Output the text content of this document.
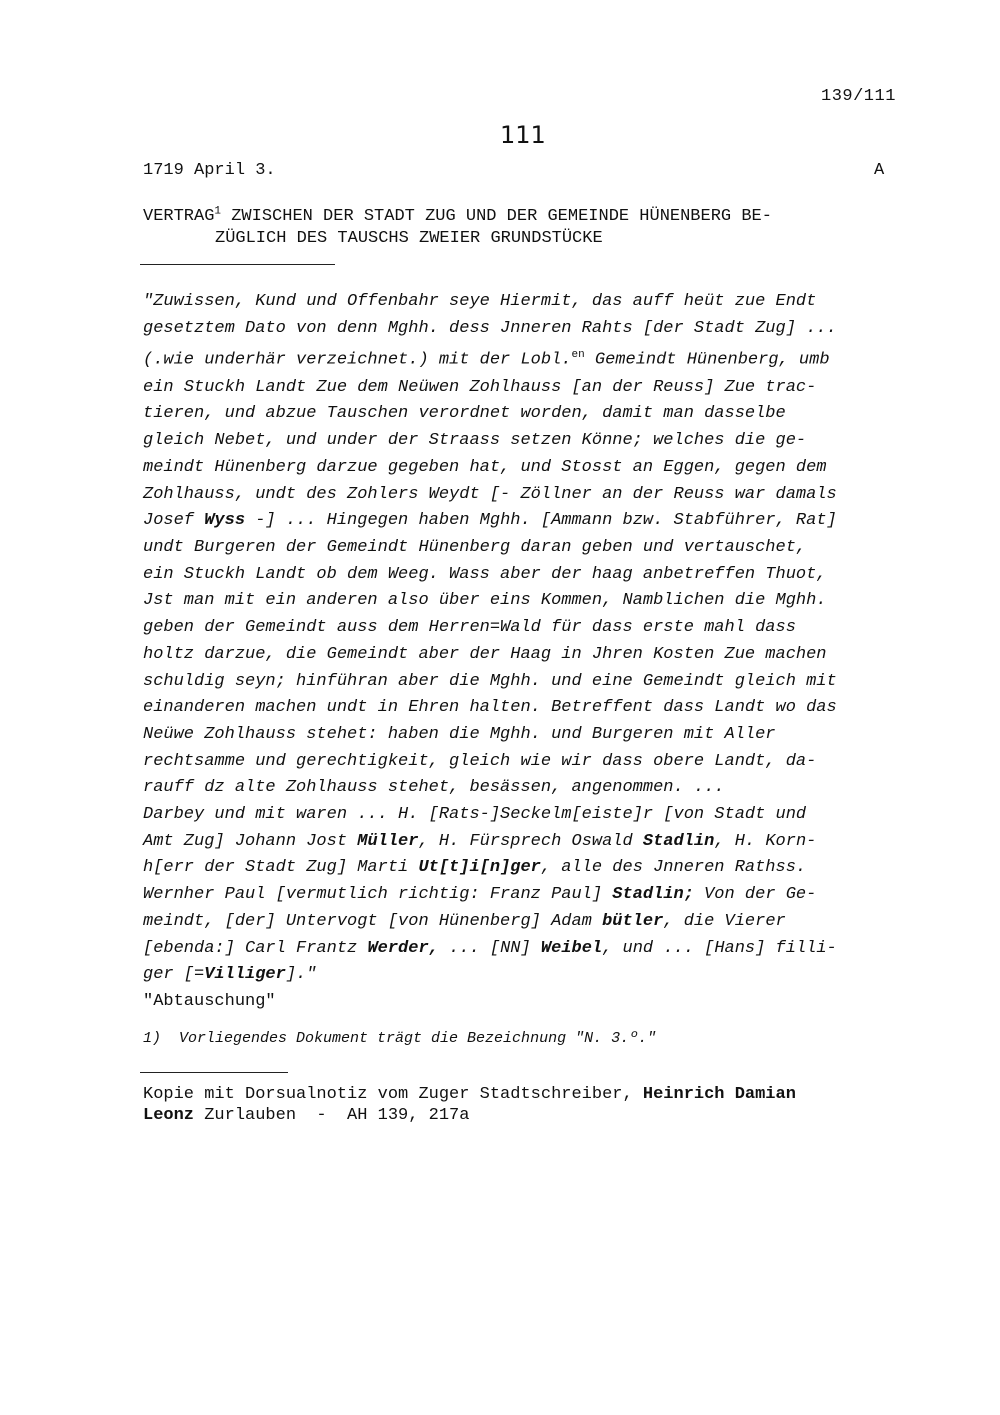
139/111
111
1719 April 3.	A
VERTRAG$^1$ ZWISCHEN DER STADT ZUG UND DER GEMEINDE HÜNENBERG BE-
ZÜGLICH DES TAUSCHS ZWEIER GRUNDSTÜCKE
"Zuwissen, Kund und Offenbahr seye Hiermit, das auff heüt zue Endt
gesetztem Dato von denn Mghh. dess Jnneren Rahts [der Stadt Zug] ...
(.wie underhär verzeichnet.) mit der Lobl.$^{en}$ Gemeindt Hünenberg, umb
ein Stuckh Landt Zue dem Neüwen Zohlhauss [an der Reuss] Zue trac-
tieren, und abzue Tauschen verordnet worden, damit man dasselbe
gleich Nebet, und under der Straass setzen Könne; welches die ge-
meindt Hünenberg darzue gegeben hat, und Stosst an Eggen, gegen dem
Zohlhauss, undt des Zohlers Weydt [- Zöllner an der Reuss war damals
Josef Wyss -] ... Hingegen haben Mghh. [Ammann bzw. Stabführer, Rat]
undt Burgeren der Gemeindt Hünenberg daran geben und vertauschet,
ein Stuckh Landt ob dem Weeg. Wass aber der haag anbetreffen Thuot,
Jst man mit ein anderen also über eins Kommen, Namblichen die Mghh.
geben der Gemeindt auss dem Herren=Wald für dass erste mahl dass
holtz darzue, die Gemeindt aber der Haag in Jhren Kosten Zue machen
schuldig seyn; hinführan aber die Mghh. und eine Gemeindt gleich mit
einanderen machen undt in Ehren halten. Betreffent dass Landt wo das
Neüwe Zohlhauss stehet: haben die Mghh. und Burgeren mit Aller
rechtsamme und gerechtigkeit, gleich wie wir dass obere Landt, da-
rauff dz alte Zohlhauss stehet, besässen, angenommen. ...
Darbey und mit waren ... H. [Rats-]Seckelm[eiste]r [von Stadt und
Amt Zug] Johann Jost Müller, H. Fürsprech Oswald Stadlin, H. Korn-
h[err der Stadt Zug] Marti Ut[t]i[n]ger, alle des Jnneren Rathss.
Wernher Paul [vermutlich richtig: Franz Paul] Stadlin; Von der Ge-
meindt, [der] Untervogt [von Hünenberg] Adam bütler, die Vierer
[ebenda:] Carl Frantz Werder, ... [NN] Weibel, und ... [Hans] filli-
ger [=Villiger]."
"Abtauschung"
1)  Vorliegendes Dokument trägt die Bezeichnung "N. 3.º."
Kopie mit Dorsualnotiz vom Zuger Stadtschreiber, Heinrich Damian
Leonz Zurlauben  -  AH 139, 217a
